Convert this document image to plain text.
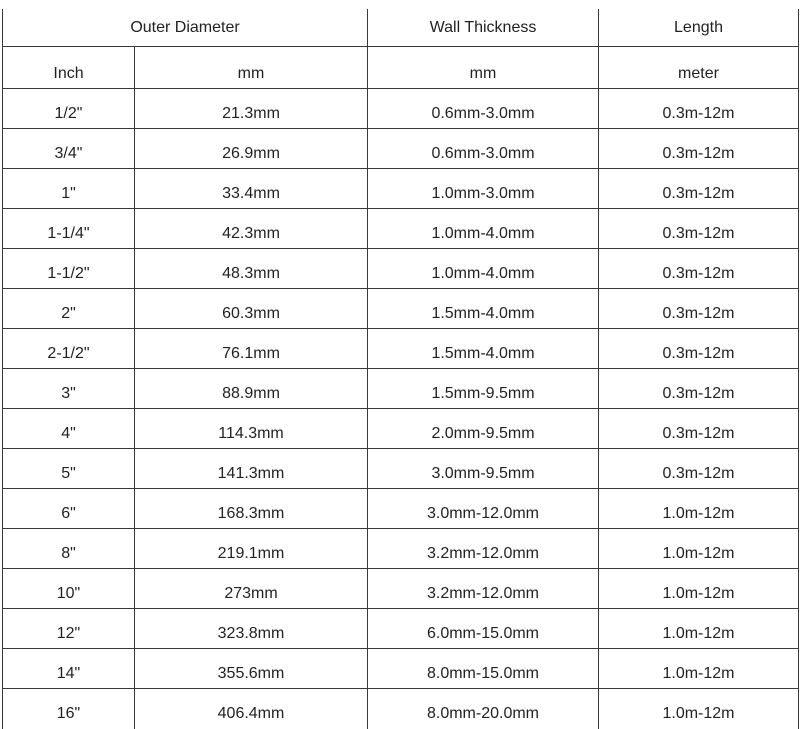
Outer Diameter		Wall Thickness	Length
Inch	mm	mm	meter
1/2"	21.3mm	0.6mm-3.0mm	0.3m-12m
3/4"	26.9mm	0.6mm-3.0mm	0.3m-12m
1"	33.4mm	1.0mm-3.0mm	0.3m-12m
1-1/4"	42.3mm	1.0mm-4.0mm	0.3m-12m
1-1/2"	48.3mm	1.0mm-4.0mm	0.3m-12m
2"	60.3mm	1.5mm-4.0mm	0.3m-12m
2-1/2"	76.1mm	1.5mm-4.0mm	0.3m-12m
3"	88.9mm	1.5mm-9.5mm	0.3m-12m
4"	114.3mm	2.0mm-9.5mm	0.3m-12m
5"	141.3mm	3.0mm-9.5mm	0.3m-12m
6"	168.3mm	3.0mm-12.0mm	1.0m-12m
8"	219.1mm	3.2mm-12.0mm	1.0m-12m
10"	273mm	3.2mm-12.0mm	1.0m-12m
12"	323.8mm	6.0mm-15.0mm	1.0m-12m
14"	355.6mm	8.0mm-15.0mm	1.0m-12m
16"	406.4mm	8.0mm-20.0mm	1.0m-12m
